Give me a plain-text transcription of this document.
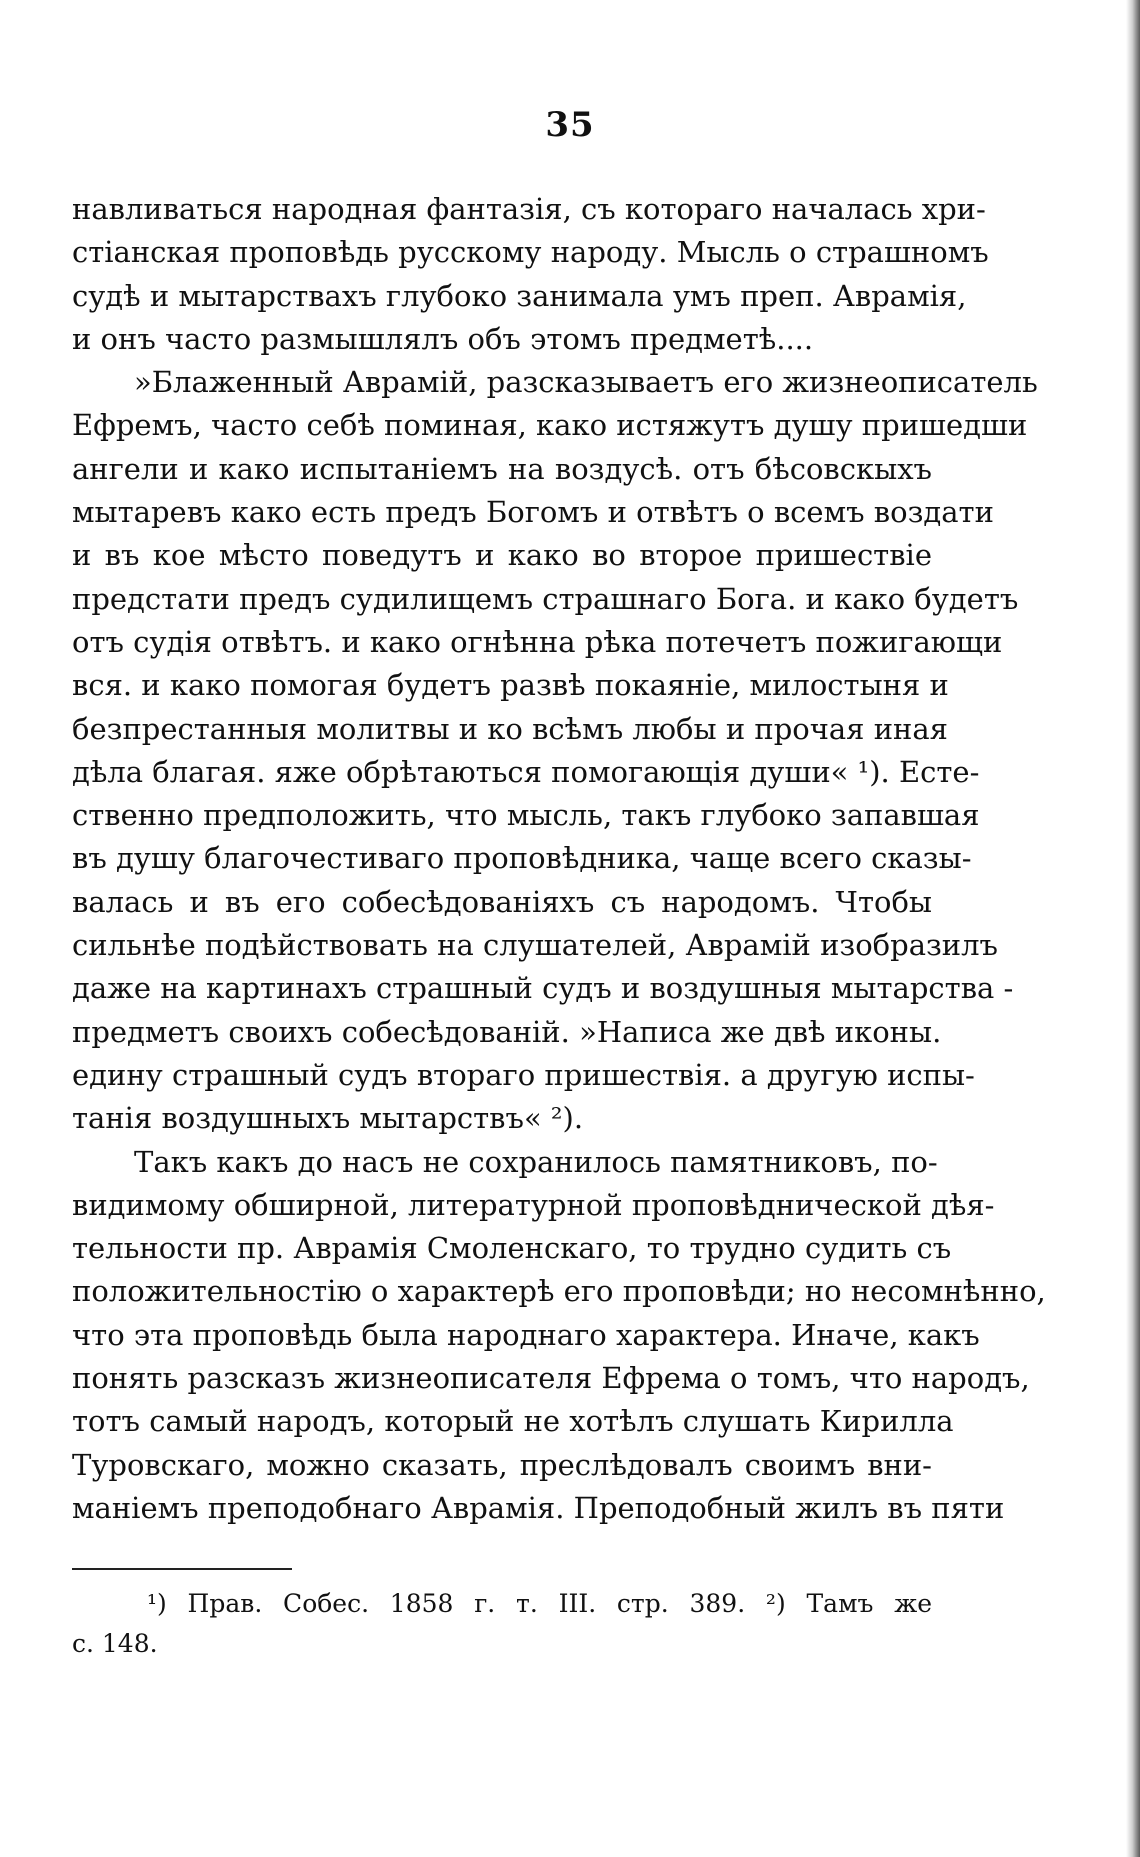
35
навливаться народная фантазія, съ котораго началась хри-
стіанская проповѣдь русскому народу. Мысль о страшномъ
судѣ и мытарствахъ глубоко занимала умъ преп. Аврамія,
и онъ часто размышлялъ объ этомъ предметѣ....
»Блаженный Аврамій, разсказываетъ его жизнеописатель
Ефремъ, часто себѣ поминая, како истяжутъ душу пришедши
ангели и како испытаніемъ на воздусѣ. отъ бѣсовскыхъ
мытаревъ како есть предъ Богомъ и отвѣтъ о всемъ воздати
и въ кое мѣсто поведутъ и како во второе пришествіе
предстати предъ судилищемъ страшнаго Бога. и како будетъ
отъ судія отвѣтъ. и како огнѣнна рѣка потечетъ пожигающи
вся. и како помогая будетъ развѣ покаяніе, милостыня и
безпрестанныя молитвы и ко всѣмъ любы и прочая иная
дѣла благая. яже обрѣтаються помогающія души« ¹). Есте-
ственно предположить, что мысль, такъ глубоко запавшая
въ душу благочестиваго проповѣдника, чаще всего сказы-
валась и въ его собесѣдованіяхъ съ народомъ. Чтобы
сильнѣе подѣйствовать на слушателей, Аврамій изобразилъ
даже на картинахъ страшный судъ и воздушныя мытарства -
предметъ своихъ собесѣдованій. »Написа же двѣ иконы.
едину страшный судъ втораго пришествія. а другую испы-
танія воздушныхъ мытарствъ« ²).
Такъ какъ до насъ не сохранилось памятниковъ, по-
видимому обширной, литературной проповѣднической дѣя-
тельности пр. Аврамія Смоленскаго, то трудно судить съ
положительностію о характерѣ его проповѣди; но несомнѣнно,
что эта проповѣдь была народнаго характера. Иначе, какъ
понять разсказъ жизнеописателя Ефрема о томъ, что народъ,
тотъ самый народъ, который не хотѣлъ слушать Кирилла
Туровскаго, можно сказать, преслѣдовалъ своимъ вни-
маніемъ преподобнаго Аврамія. Преподобный жилъ въ пяти
¹) Прав. Собес. 1858 г. т. III. стр. 389. ²) Тамъ же
с. 148.
